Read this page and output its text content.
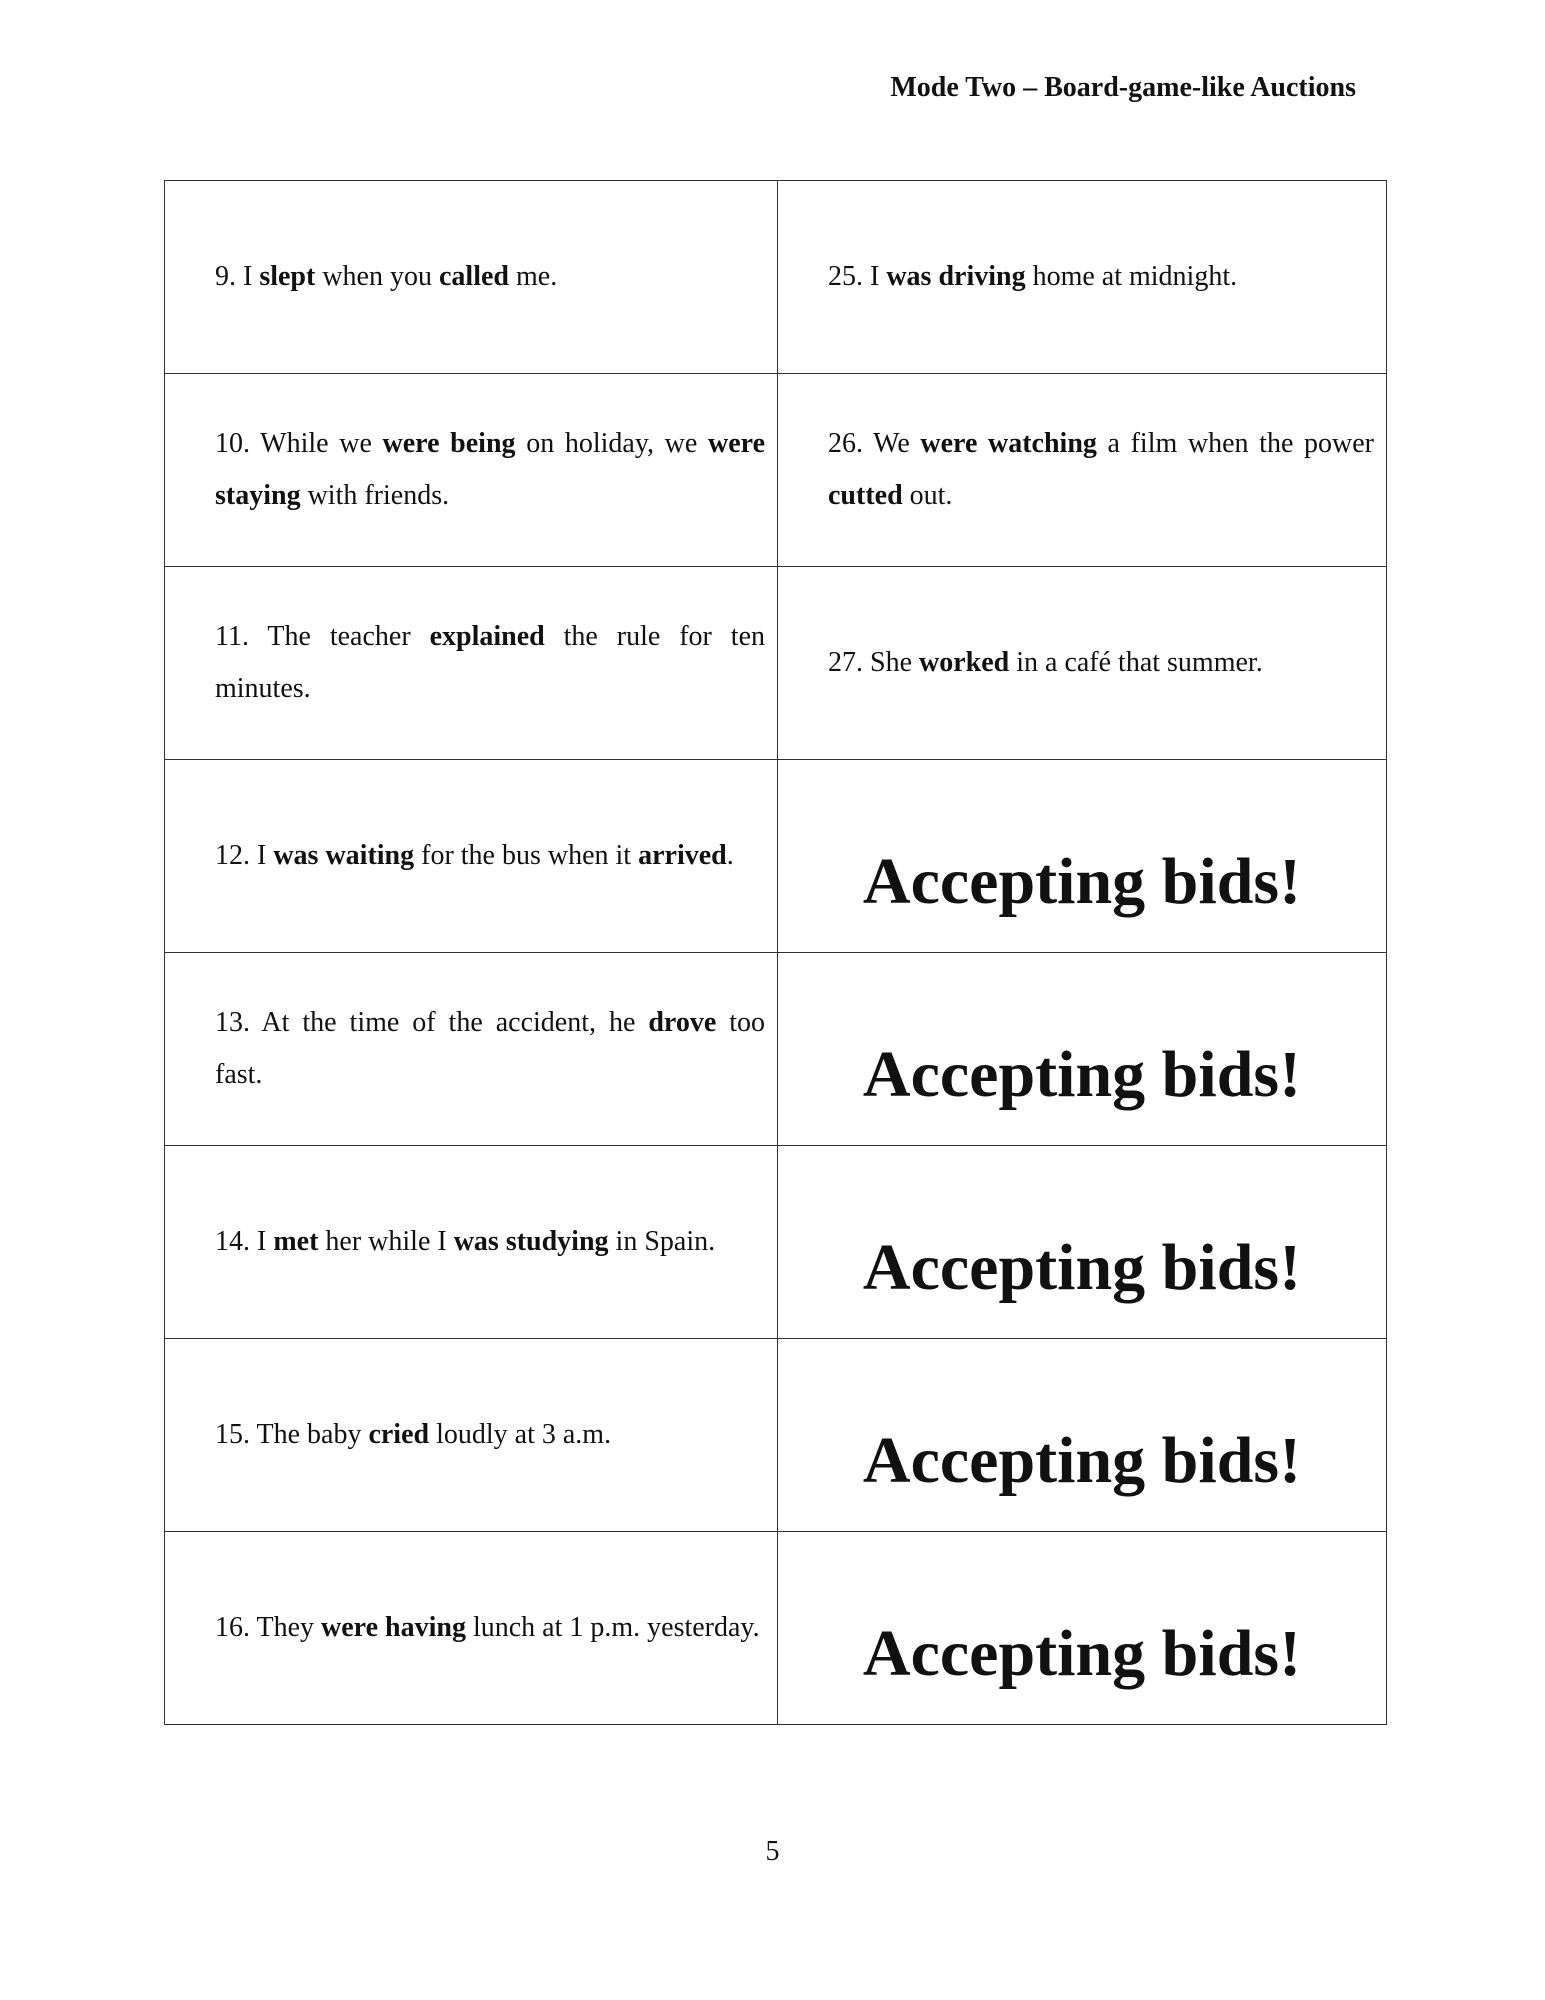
Mode Two – Board-game-like Auctions
9. I slept when you called me.	25. I was driving home at midnight.

10. While we were being on holiday, we were staying with friends.	26. We were watching a film when the power cutted out.

11. The teacher explained the rule for ten minutes.	27. She worked in a café that summer.

12. I was waiting for the bus when it arrived.	Accepting bids!

13. At the time of the accident, he drove too fast.	Accepting bids!

14. I met her while I was studying in Spain.	Accepting bids!

15. The baby cried loudly at 3 a.m.	Accepting bids!

16. They were having lunch at 1 p.m. yesterday.	Accepting bids!
5
